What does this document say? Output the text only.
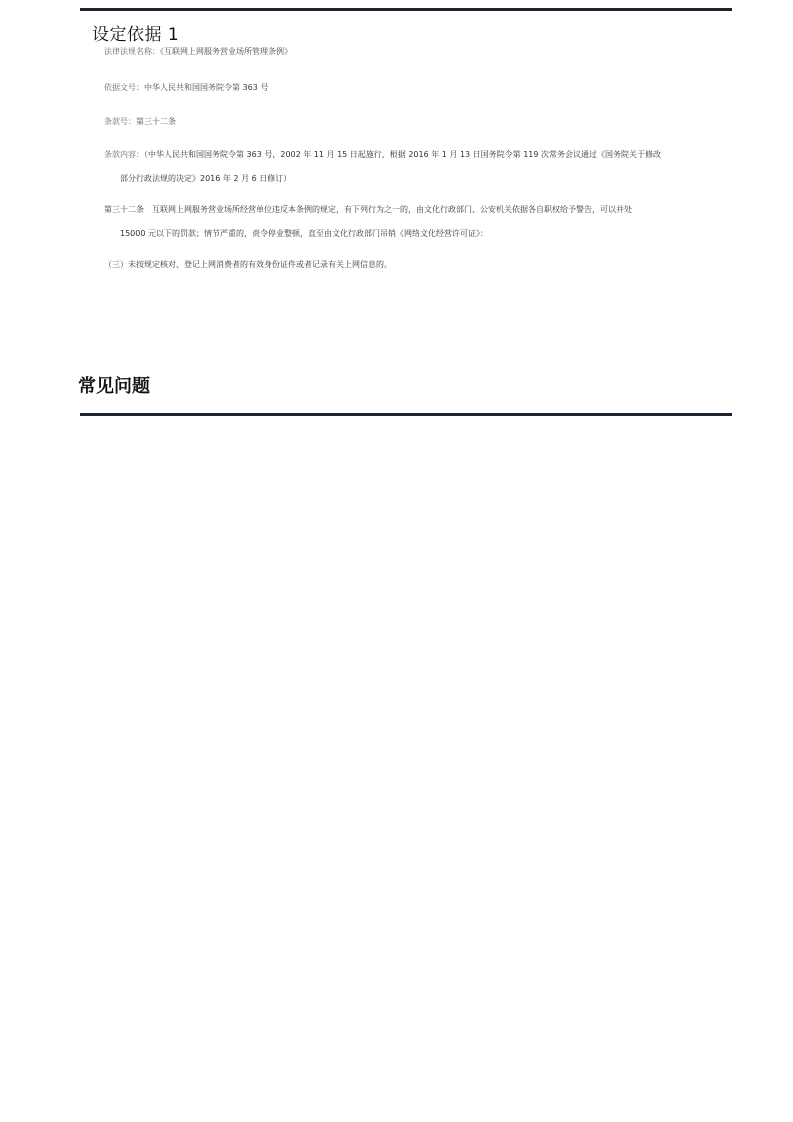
设定依据 1
法律法规名称：《互联网上网服务营业场所管理条例》
依据文号：中华人民共和国国务院令第 363 号
条款号：第三十二条
条款内容：（中华人民共和国国务院令第 363 号，2002 年 11 月 15 日起施行，根据 2016 年 1 月 13 日国务院令第 119 次常务会议通过《国务院关于修改
部分行政法规的决定》2016 年 2 月 6 日修订）
第三十二条　互联网上网服务营业场所经营单位违反本条例的规定，有下列行为之一的，由文化行政部门、公安机关依据各自职权给予警告，可以并处
15000 元以下的罚款；情节严重的，责令停业整顿，直至由文化行政部门吊销《网络文化经营许可证》：
（三）未按规定核对、登记上网消费者的有效身份证件或者记录有关上网信息的。
常见问题
